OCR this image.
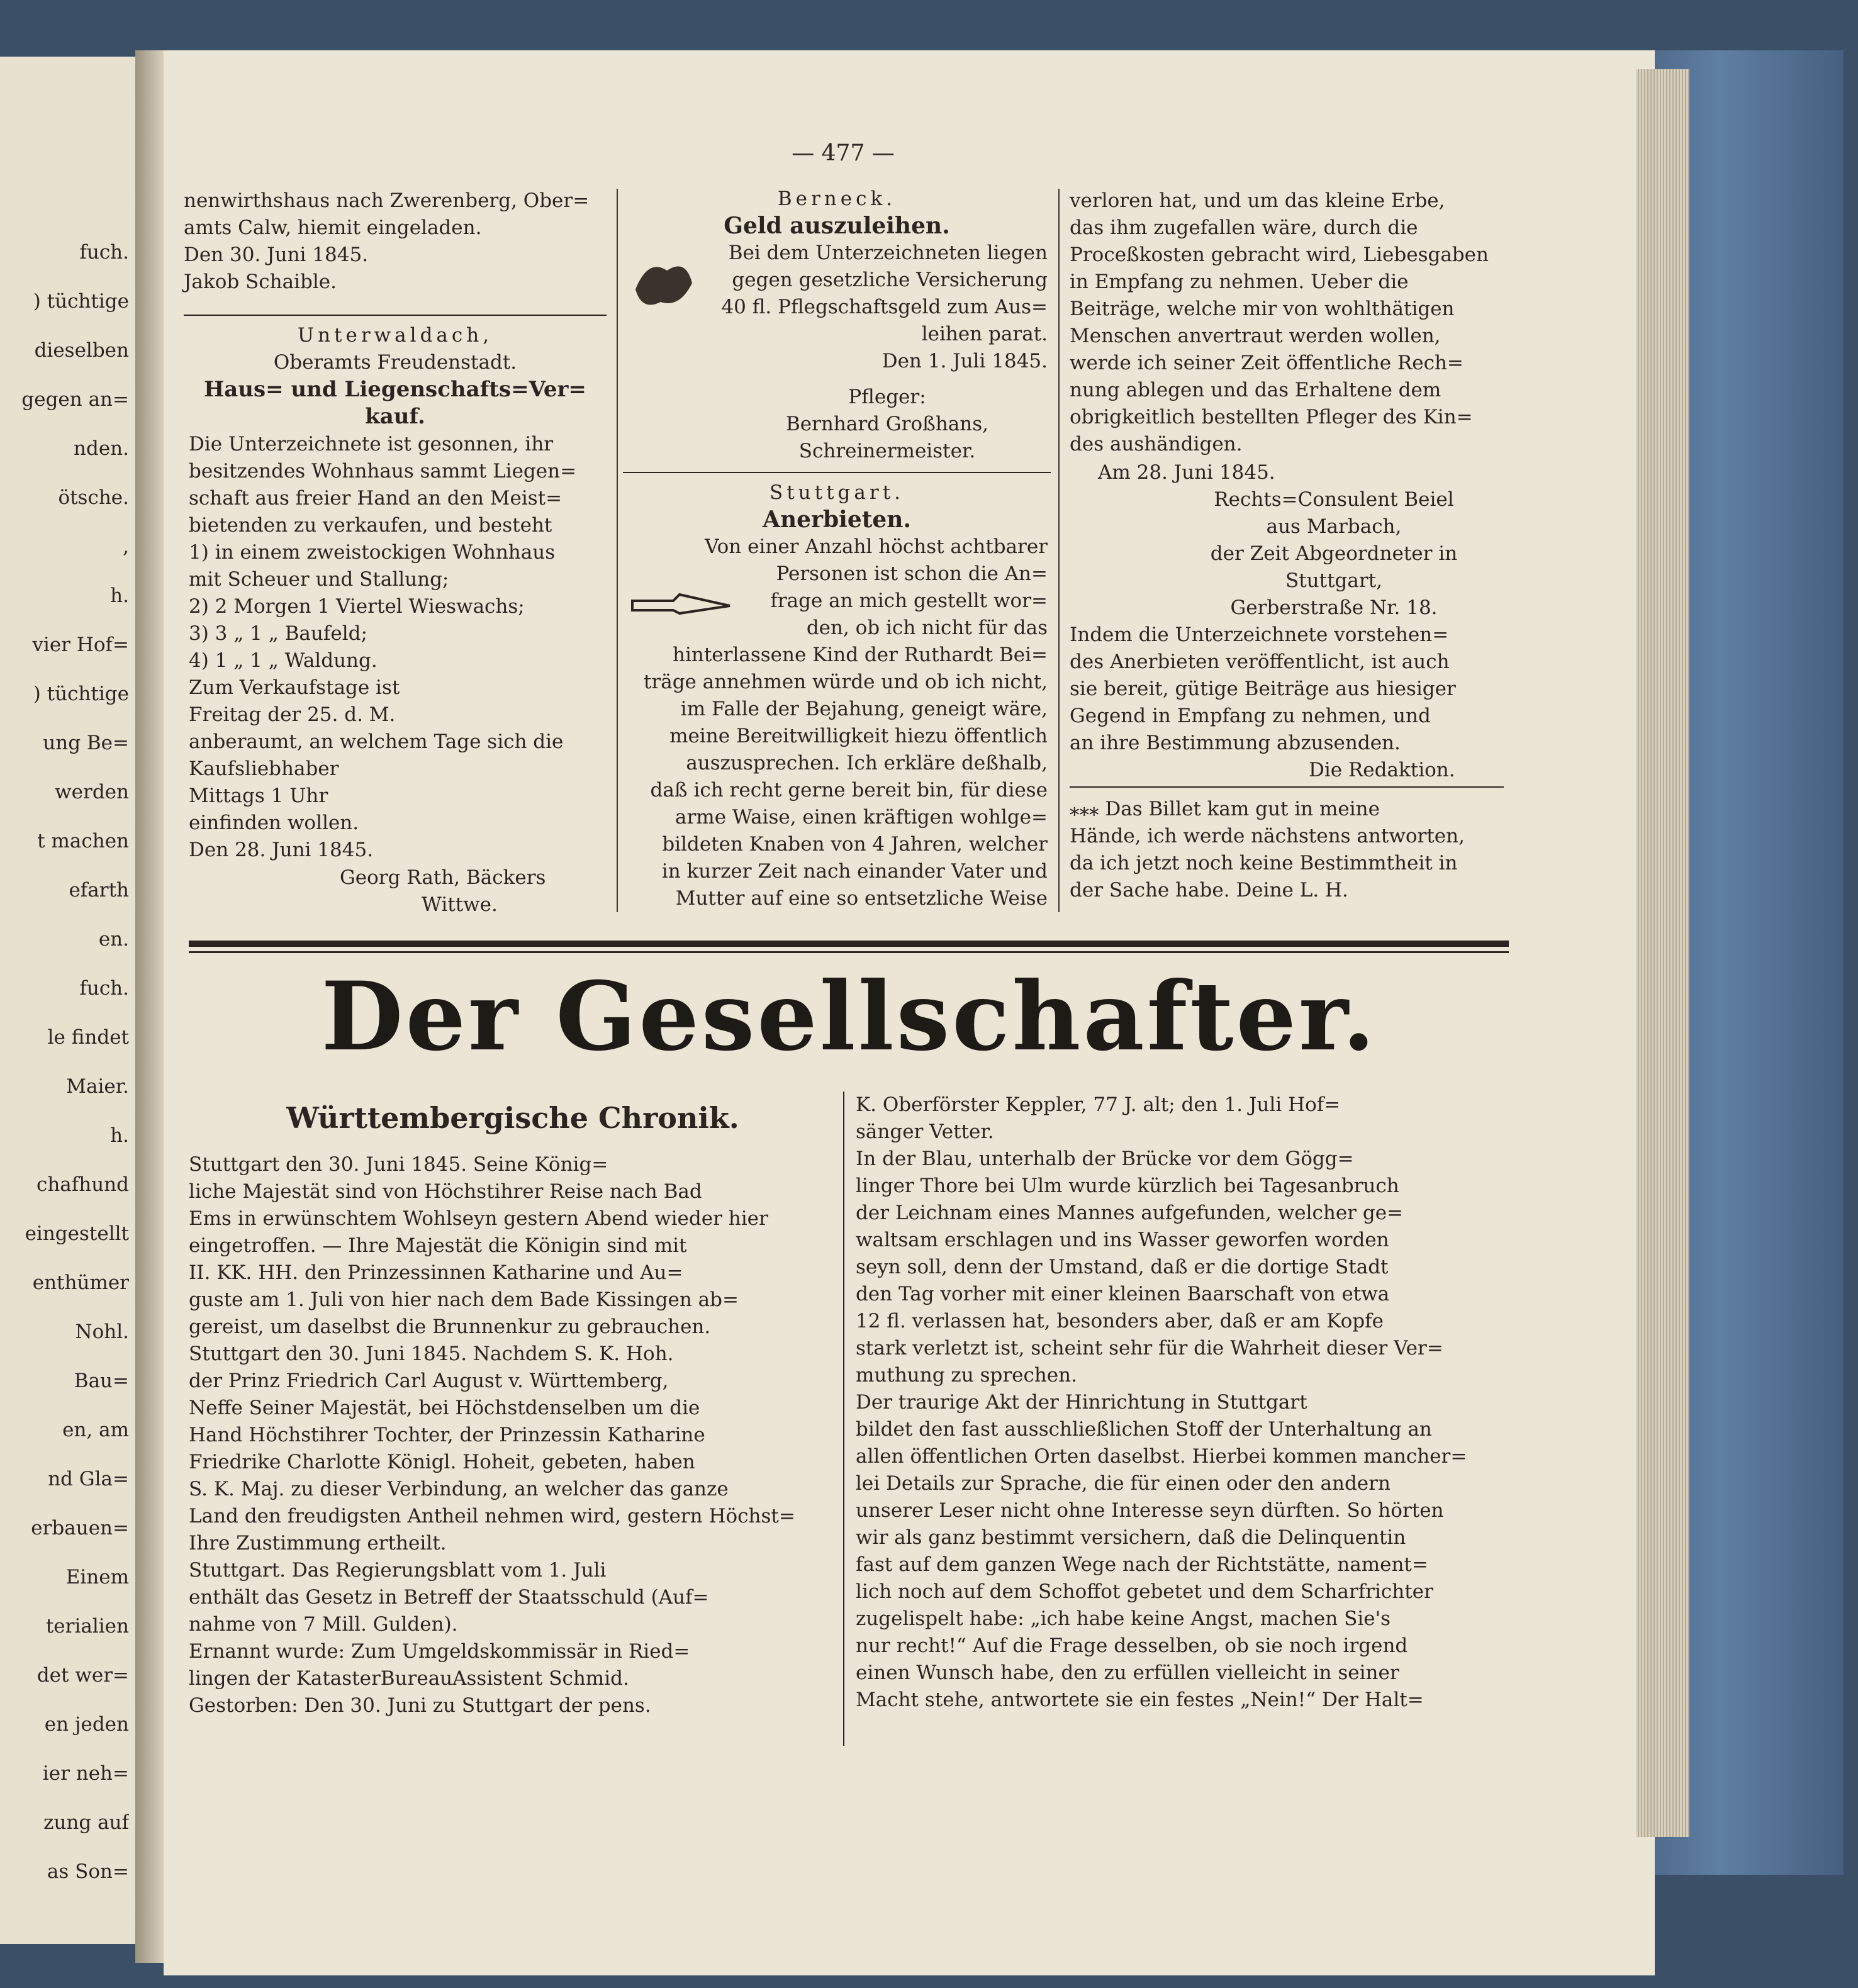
fuch.
) tüchtige
dieselben
gegen an=
nden.
ötsche.
,
h.
vier Hof=
) tüchtige
ung Be=
werden
t machen
efarth
en.
fuch.
le findet
Maier.
h.
chafhund
eingestellt
enthümer
Nohl.
Bau=
en, am
nd Gla=
erbauen=
Einem
terialien
det wer=
en jeden
ier neh=
zung auf
as Son=
— 477 —
nenwirthshaus nach Zwerenberg, Ober=
amts Calw, hiemit eingeladen.
Den 30. Juni 1845.
Jakob Schaible.
Unterwaldach,
Oberamts Freudenstadt.
Haus= und Liegenschafts=Ver=
kauf.
Die Unterzeichnete ist gesonnen, ihr
besitzendes Wohnhaus sammt Liegen=
schaft aus freier Hand an den Meist=
bietenden zu verkaufen, und besteht
1) in einem zweistockigen Wohnhaus
mit Scheuer und Stallung;
2) 2 Morgen 1 Viertel Wieswachs;
3) 3 „ 1 „ Baufeld;
4) 1 „ 1 „ Waldung.
Zum Verkaufstage ist
Freitag der 25. d. M.
anberaumt, an welchem Tage sich die
Kaufsliebhaber
Mittags 1 Uhr
einfinden wollen.
Den 28. Juni 1845.
Georg Rath, Bäckers
Wittwe.
Berneck.
Geld auszuleihen.
Bei dem Unterzeichneten liegen
gegen gesetzliche Versicherung
40 fl. Pflegschaftsgeld zum Aus=
leihen parat.
Den 1. Juli 1845.
Pfleger:
Bernhard Großhans,
Schreinermeister.
Stuttgart.
Anerbieten.
Von einer Anzahl höchst achtbarer
Personen ist schon die An=
frage an mich gestellt wor=
den, ob ich nicht für das
hinterlassene Kind der Ruthardt Bei=
träge annehmen würde und ob ich nicht,
im Falle der Bejahung, geneigt wäre,
meine Bereitwilligkeit hiezu öffentlich
auszusprechen. Ich erkläre deßhalb,
daß ich recht gerne bereit bin, für diese
arme Waise, einen kräftigen wohlge=
bildeten Knaben von 4 Jahren, welcher
in kurzer Zeit nach einander Vater und
Mutter auf eine so entsetzliche Weise
verloren hat, und um das kleine Erbe,
das ihm zugefallen wäre, durch die
Proceßkosten gebracht wird, Liebesgaben
in Empfang zu nehmen. Ueber die
Beiträge, welche mir von wohlthätigen
Menschen anvertraut werden wollen,
werde ich seiner Zeit öffentliche Rech=
nung ablegen und das Erhaltene dem
obrigkeitlich bestellten Pfleger des Kin=
des aushändigen.
Am 28. Juni 1845.
Rechts=Consulent Beiel
aus Marbach,
der Zeit Abgeordneter in
Stuttgart,
Gerberstraße Nr. 18.
Indem die Unterzeichnete vorstehen=
des Anerbieten veröffentlicht, ist auch
sie bereit, gütige Beiträge aus hiesiger
Gegend in Empfang zu nehmen, und
an ihre Bestimmung abzusenden.
Die Redaktion.
⁎⁎⁎ Das Billet kam gut in meine
Hände, ich werde nächstens antworten,
da ich jetzt noch keine Bestimmtheit in
der Sache habe. Deine L. H.
Der Gesellschafter.
Württembergische Chronik.
Stuttgart den 30. Juni 1845. Seine König=
liche Majestät sind von Höchstihrer Reise nach Bad
Ems in erwünschtem Wohlseyn gestern Abend wieder hier
eingetroffen. — Ihre Majestät die Königin sind mit
II. KK. HH. den Prinzessinnen Katharine und Au=
guste am 1. Juli von hier nach dem Bade Kissingen ab=
gereist, um daselbst die Brunnenkur zu gebrauchen.
Stuttgart den 30. Juni 1845. Nachdem S. K. Hoh.
der Prinz Friedrich Carl August v. Württemberg,
Neffe Seiner Majestät, bei Höchstdenselben um die
Hand Höchstihrer Tochter, der Prinzessin Katharine
Friedrike Charlotte Königl. Hoheit, gebeten, haben
S. K. Maj. zu dieser Verbindung, an welcher das ganze
Land den freudigsten Antheil nehmen wird, gestern Höchst=
Ihre Zustimmung ertheilt.
Stuttgart. Das Regierungsblatt vom 1. Juli
enthält das Gesetz in Betreff der Staatsschuld (Auf=
nahme von 7 Mill. Gulden).
Ernannt wurde: Zum Umgeldskommissär in Ried=
lingen der KatasterBureauAssistent Schmid.
Gestorben: Den 30. Juni zu Stuttgart der pens.
K. Oberförster Keppler, 77 J. alt; den 1. Juli Hof=
sänger Vetter.
In der Blau, unterhalb der Brücke vor dem Gögg=
linger Thore bei Ulm wurde kürzlich bei Tagesanbruch
der Leichnam eines Mannes aufgefunden, welcher ge=
waltsam erschlagen und ins Wasser geworfen worden
seyn soll, denn der Umstand, daß er die dortige Stadt
den Tag vorher mit einer kleinen Baarschaft von etwa
12 fl. verlassen hat, besonders aber, daß er am Kopfe
stark verletzt ist, scheint sehr für die Wahrheit dieser Ver=
muthung zu sprechen.
Der traurige Akt der Hinrichtung in Stuttgart
bildet den fast ausschließlichen Stoff der Unterhaltung an
allen öffentlichen Orten daselbst. Hierbei kommen mancher=
lei Details zur Sprache, die für einen oder den andern
unserer Leser nicht ohne Interesse seyn dürften. So hörten
wir als ganz bestimmt versichern, daß die Delinquentin
fast auf dem ganzen Wege nach der Richtstätte, nament=
lich noch auf dem Schoffot gebetet und dem Scharfrichter
zugelispelt habe: „ich habe keine Angst, machen Sie's
nur recht!“ Auf die Frage desselben, ob sie noch irgend
einen Wunsch habe, den zu erfüllen vielleicht in seiner
Macht stehe, antwortete sie ein festes „Nein!“ Der Halt=
